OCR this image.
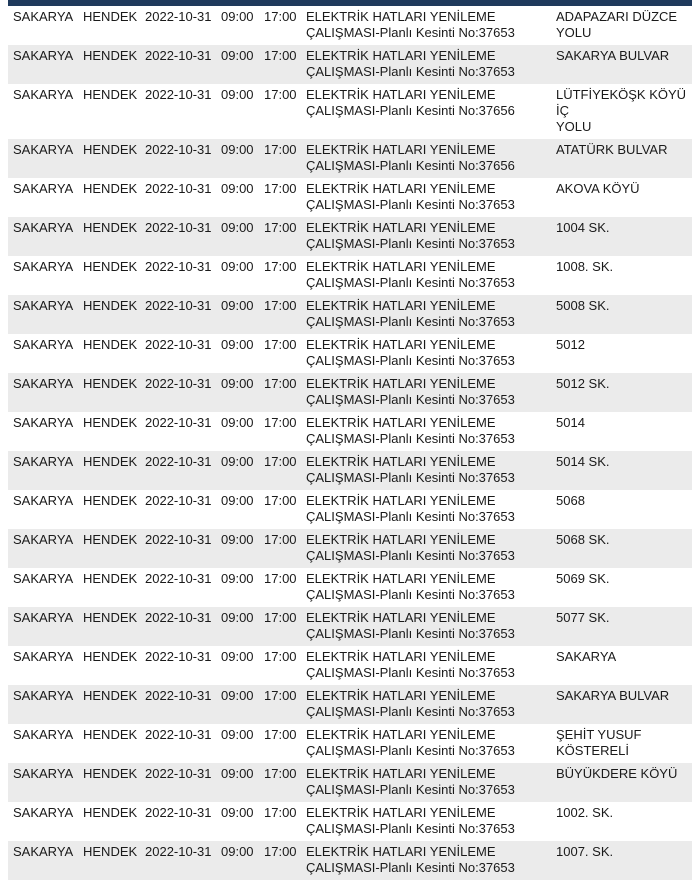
SAKARYA	HENDEK	2022-10-31	09:00	17:00	ELEKTRİK HATLARI YENİLEME
ÇALIŞMASI-Planlı Kesinti No:37653	ADAPAZARI DÜZCE
YOLU

SAKARYA	HENDEK	2022-10-31	09:00	17:00	ELEKTRİK HATLARI YENİLEME
ÇALIŞMASI-Planlı Kesinti No:37653	SAKARYA BULVAR

SAKARYA	HENDEK	2022-10-31	09:00	17:00	ELEKTRİK HATLARI YENİLEME
ÇALIŞMASI-Planlı Kesinti No:37656	LÜTFİYEKÖŞK KÖYÜ İÇ
YOLU

SAKARYA	HENDEK	2022-10-31	09:00	17:00	ELEKTRİK HATLARI YENİLEME
ÇALIŞMASI-Planlı Kesinti No:37656	ATATÜRK BULVAR

SAKARYA	HENDEK	2022-10-31	09:00	17:00	ELEKTRİK HATLARI YENİLEME
ÇALIŞMASI-Planlı Kesinti No:37653	AKOVA KÖYÜ

SAKARYA	HENDEK	2022-10-31	09:00	17:00	ELEKTRİK HATLARI YENİLEME
ÇALIŞMASI-Planlı Kesinti No:37653	1004 SK.

SAKARYA	HENDEK	2022-10-31	09:00	17:00	ELEKTRİK HATLARI YENİLEME
ÇALIŞMASI-Planlı Kesinti No:37653	1008. SK.

SAKARYA	HENDEK	2022-10-31	09:00	17:00	ELEKTRİK HATLARI YENİLEME
ÇALIŞMASI-Planlı Kesinti No:37653	5008 SK.

SAKARYA	HENDEK	2022-10-31	09:00	17:00	ELEKTRİK HATLARI YENİLEME
ÇALIŞMASI-Planlı Kesinti No:37653	5012

SAKARYA	HENDEK	2022-10-31	09:00	17:00	ELEKTRİK HATLARI YENİLEME
ÇALIŞMASI-Planlı Kesinti No:37653	5012 SK.

SAKARYA	HENDEK	2022-10-31	09:00	17:00	ELEKTRİK HATLARI YENİLEME
ÇALIŞMASI-Planlı Kesinti No:37653	5014

SAKARYA	HENDEK	2022-10-31	09:00	17:00	ELEKTRİK HATLARI YENİLEME
ÇALIŞMASI-Planlı Kesinti No:37653	5014 SK.

SAKARYA	HENDEK	2022-10-31	09:00	17:00	ELEKTRİK HATLARI YENİLEME
ÇALIŞMASI-Planlı Kesinti No:37653	5068

SAKARYA	HENDEK	2022-10-31	09:00	17:00	ELEKTRİK HATLARI YENİLEME
ÇALIŞMASI-Planlı Kesinti No:37653	5068 SK.

SAKARYA	HENDEK	2022-10-31	09:00	17:00	ELEKTRİK HATLARI YENİLEME
ÇALIŞMASI-Planlı Kesinti No:37653	5069 SK.

SAKARYA	HENDEK	2022-10-31	09:00	17:00	ELEKTRİK HATLARI YENİLEME
ÇALIŞMASI-Planlı Kesinti No:37653	5077 SK.

SAKARYA	HENDEK	2022-10-31	09:00	17:00	ELEKTRİK HATLARI YENİLEME
ÇALIŞMASI-Planlı Kesinti No:37653	SAKARYA

SAKARYA	HENDEK	2022-10-31	09:00	17:00	ELEKTRİK HATLARI YENİLEME
ÇALIŞMASI-Planlı Kesinti No:37653	SAKARYA BULVAR

SAKARYA	HENDEK	2022-10-31	09:00	17:00	ELEKTRİK HATLARI YENİLEME
ÇALIŞMASI-Planlı Kesinti No:37653	ŞEHİT YUSUF
KÖSTERELİ

SAKARYA	HENDEK	2022-10-31	09:00	17:00	ELEKTRİK HATLARI YENİLEME
ÇALIŞMASI-Planlı Kesinti No:37653	BÜYÜKDERE KÖYÜ

SAKARYA	HENDEK	2022-10-31	09:00	17:00	ELEKTRİK HATLARI YENİLEME
ÇALIŞMASI-Planlı Kesinti No:37653	1002. SK.

SAKARYA	HENDEK	2022-10-31	09:00	17:00	ELEKTRİK HATLARI YENİLEME
ÇALIŞMASI-Planlı Kesinti No:37653	1007. SK.
